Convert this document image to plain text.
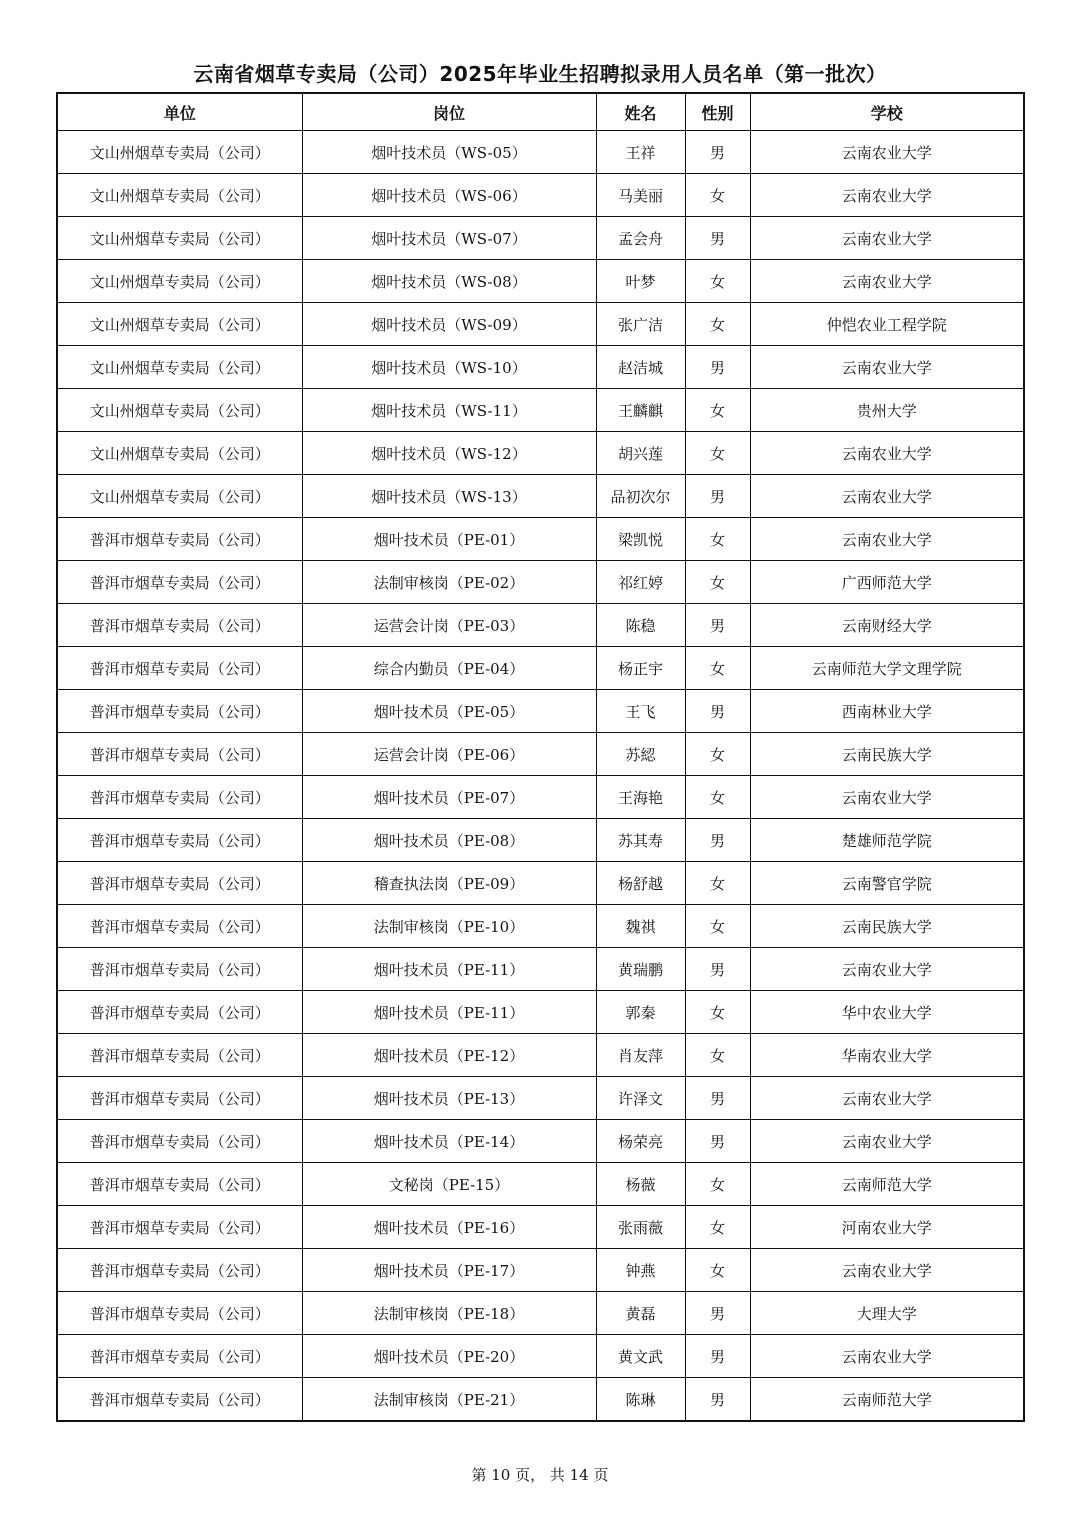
云南省烟草专卖局（公司）2025年毕业生招聘拟录用人员名单（第一批次）
单位	岗位	姓名	性别	学校
文山州烟草专卖局（公司）	烟叶技术员（WS-05）	王祥	男	云南农业大学
文山州烟草专卖局（公司）	烟叶技术员（WS-06）	马美丽	女	云南农业大学
文山州烟草专卖局（公司）	烟叶技术员（WS-07）	孟会舟	男	云南农业大学
文山州烟草专卖局（公司）	烟叶技术员（WS-08）	叶梦	女	云南农业大学
文山州烟草专卖局（公司）	烟叶技术员（WS-09）	张广洁	女	仲恺农业工程学院
文山州烟草专卖局（公司）	烟叶技术员（WS-10）	赵洁城	男	云南农业大学
文山州烟草专卖局（公司）	烟叶技术员（WS-11）	王麟麒	女	贵州大学
文山州烟草专卖局（公司）	烟叶技术员（WS-12）	胡兴莲	女	云南农业大学
文山州烟草专卖局（公司）	烟叶技术员（WS-13）	品初次尔	男	云南农业大学
普洱市烟草专卖局（公司）	烟叶技术员（PE-01）	梁凯悦	女	云南农业大学
普洱市烟草专卖局（公司）	法制审核岗（PE-02）	祁红婷	女	广西师范大学
普洱市烟草专卖局（公司）	运营会计岗（PE-03）	陈稳	男	云南财经大学
普洱市烟草专卖局（公司）	综合内勤员（PE-04）	杨正宇	女	云南师范大学文理学院
普洱市烟草专卖局（公司）	烟叶技术员（PE-05）	王飞	男	西南林业大学
普洱市烟草专卖局（公司）	运营会计岗（PE-06）	苏綛	女	云南民族大学
普洱市烟草专卖局（公司）	烟叶技术员（PE-07）	王海艳	女	云南农业大学
普洱市烟草专卖局（公司）	烟叶技术员（PE-08）	苏其寿	男	楚雄师范学院
普洱市烟草专卖局（公司）	稽查执法岗（PE-09）	杨舒越	女	云南警官学院
普洱市烟草专卖局（公司）	法制审核岗（PE-10）	魏祺	女	云南民族大学
普洱市烟草专卖局（公司）	烟叶技术员（PE-11）	黄瑞鹏	男	云南农业大学
普洱市烟草专卖局（公司）	烟叶技术员（PE-11）	郭秦	女	华中农业大学
普洱市烟草专卖局（公司）	烟叶技术员（PE-12）	肖友萍	女	华南农业大学
普洱市烟草专卖局（公司）	烟叶技术员（PE-13）	许泽文	男	云南农业大学
普洱市烟草专卖局（公司）	烟叶技术员（PE-14）	杨荣亮	男	云南农业大学
普洱市烟草专卖局（公司）	文秘岗（PE-15）	杨薇	女	云南师范大学
普洱市烟草专卖局（公司）	烟叶技术员（PE-16）	张雨薇	女	河南农业大学
普洱市烟草专卖局（公司）	烟叶技术员（PE-17）	钟燕	女	云南农业大学
普洱市烟草专卖局（公司）	法制审核岗（PE-18）	黄磊	男	大理大学
普洱市烟草专卖局（公司）	烟叶技术员（PE-20）	黄文武	男	云南农业大学
普洱市烟草专卖局（公司）	法制审核岗（PE-21）	陈琳	男	云南师范大学
第 10 页， 共 14 页
